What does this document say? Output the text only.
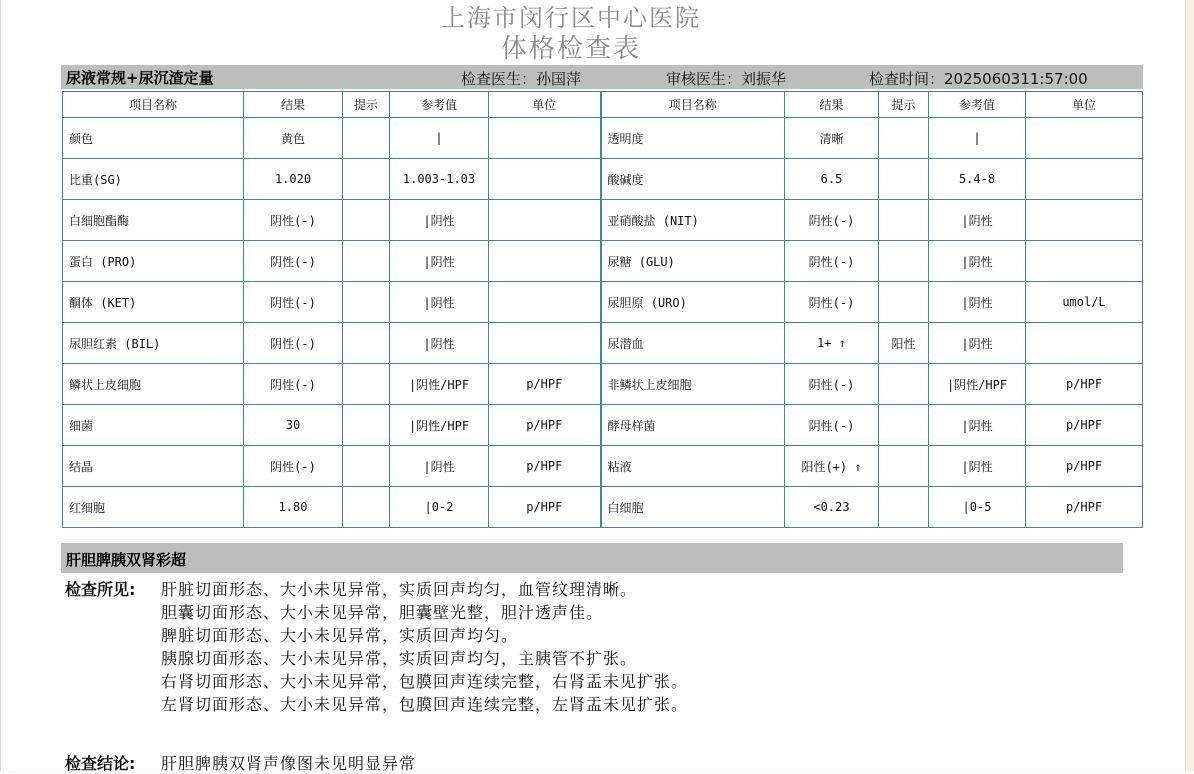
上海市闵行区中心医院
体格检查表
尿液常规+尿沉渣定量	检查医生：孙国萍	审核医生：刘振华	检查时间：2025060311:57:00
项目名称	结果	提示	参考值	单位	项目名称	结果	提示	参考值	单位
颜色	黄色		|		透明度	清晰		|	
比重(SG)	1.020		1.003-1.03		酸碱度	6.5		5.4-8	
白细胞酯酶	阴性(-)		|阴性		亚硝酸盐 (NIT)	阴性(-)		|阴性	
蛋白 (PRO)	阴性(-)		|阴性		尿糖 (GLU)	阴性(-)		|阴性	
酮体 (KET)	阴性(-)		|阴性		尿胆原 (URO)	阴性(-)		|阴性	umol/L
尿胆红素 (BIL)	阴性(-)		|阴性		尿潜血	1+ ↑	阳性	|阴性	
鳞状上皮细胞	阴性(-)		|阴性/HPF	p/HPF	非鳞状上皮细胞	阴性(-)		|阴性/HPF	p/HPF
细菌	30		|阴性/HPF	p/HPF	酵母样菌	阴性(-)		|阴性	p/HPF
结晶	阴性(-)		|阴性	p/HPF	粘液	阳性(+) ↑		|阴性	p/HPF
红细胞	1.80		|0-2	p/HPF	白细胞	<0.23		|0-5	p/HPF
肝胆脾胰双肾彩超
检查所见:	肝脏切面形态、大小未见异常，实质回声均匀，血管纹理清晰。
胆囊切面形态、大小未见异常，胆囊壁光整，胆汁透声佳。
脾脏切面形态、大小未见异常，实质回声均匀。
胰腺切面形态、大小未见异常，实质回声均匀，主胰管不扩张。
右肾切面形态、大小未见异常，包膜回声连续完整，右肾盂未见扩张。
左肾切面形态、大小未见异常，包膜回声连续完整，左肾盂未见扩张。
检查结论:	肝胆脾胰双肾声像图未见明显异常
